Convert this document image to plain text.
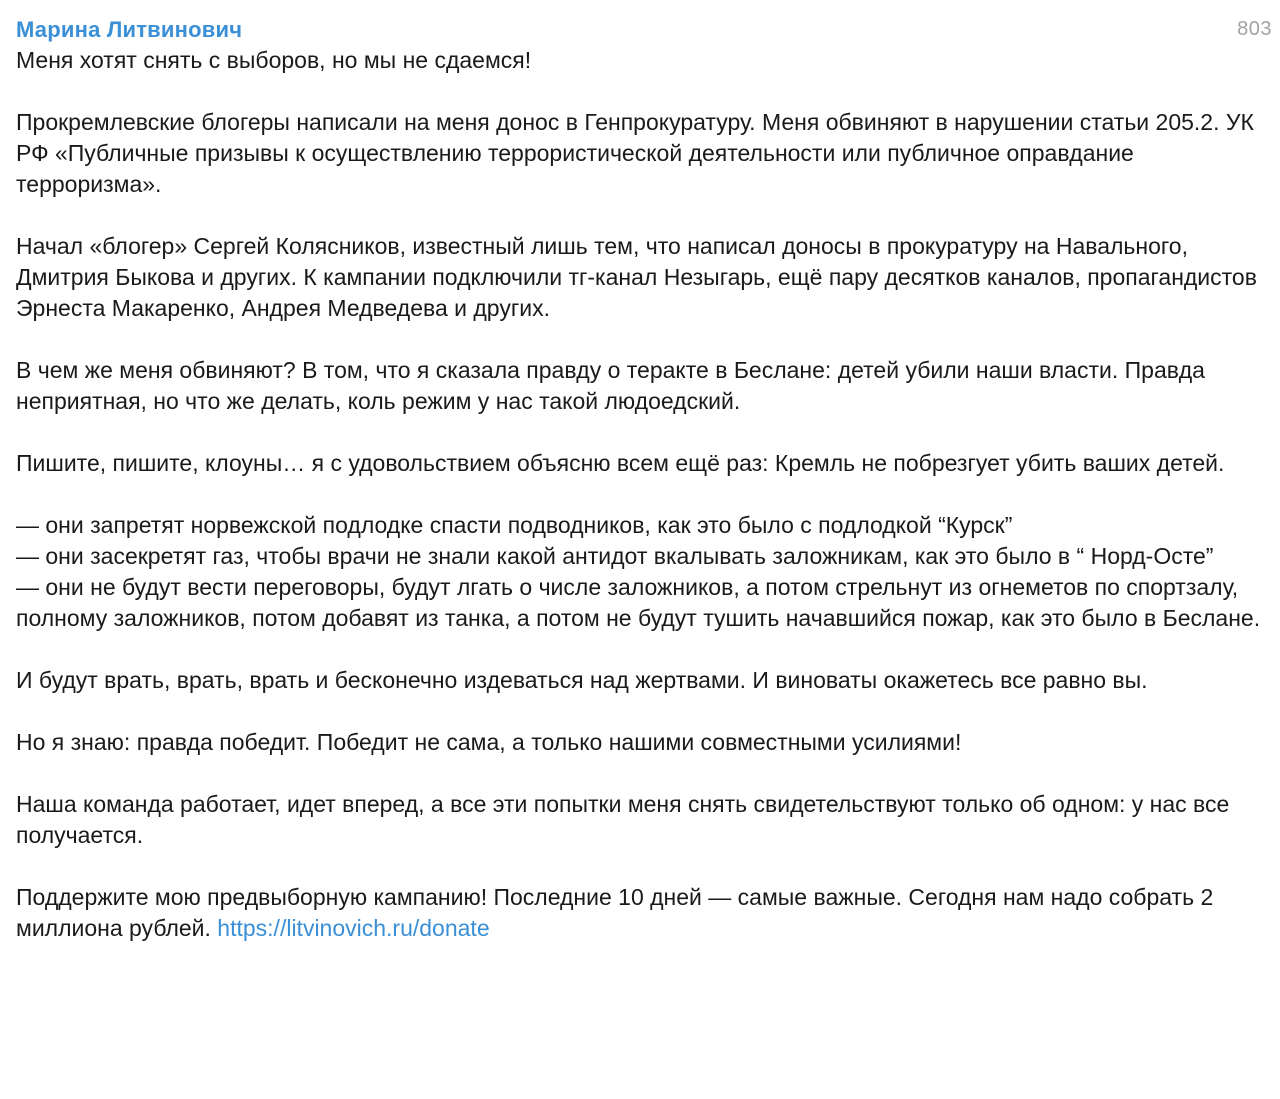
Марина Литвинович	803

Меня хотят снять с выборов, но мы не сдаемся!

Прокремлевские блогеры написали на меня донос в Генпрокуратуру. Меня обвиняют в нарушении статьи 205.2. УК РФ «Публичные призывы к осуществлению террористической деятельности или публичное оправдание терроризма».

Начал «блогер» Сергей Колясников, известный лишь тем, что написал доносы в прокуратуру на Навального, Дмитрия Быкова и других. К кампании подключили тг-канал Незыгарь, ещё пару десятков каналов, пропагандистов Эрнеста Макаренко, Андрея Медведева и других.

В чем же меня обвиняют? В том, что я сказала правду о теракте в Беслане: детей убили наши власти. Правда неприятная, но что же делать, коль режим у нас такой людоедский.

Пишите, пишите, клоуны… я с удовольствием объясню всем ещё раз: Кремль не побрезгует убить ваших детей.

— они запретят норвежской подлодке спасти подводников, как это было с подлодкой “Курск”
— они засекретят газ, чтобы врачи не знали какой антидот вкалывать заложникам, как это было в “ Норд-Осте”
— они не будут вести переговоры, будут лгать о числе заложников, а потом стрельнут из огнеметов по спортзалу, полному заложников, потом добавят из танка, а потом не будут тушить начавшийся пожар, как это было в Беслане.

И будут врать, врать, врать и бесконечно издеваться над жертвами. И виноваты окажетесь все равно вы.

Но я знаю: правда победит. Победит не сама, а только нашими совместными усилиями!

Наша команда работает, идет вперед, а все эти попытки меня снять свидетельствуют только об одном: у нас все получается.

Поддержите мою предвыборную кампанию! Последние 10 дней — самые важные. Сегодня нам надо собрать 2 миллиона рублей. https://litvinovich.ru/donate
